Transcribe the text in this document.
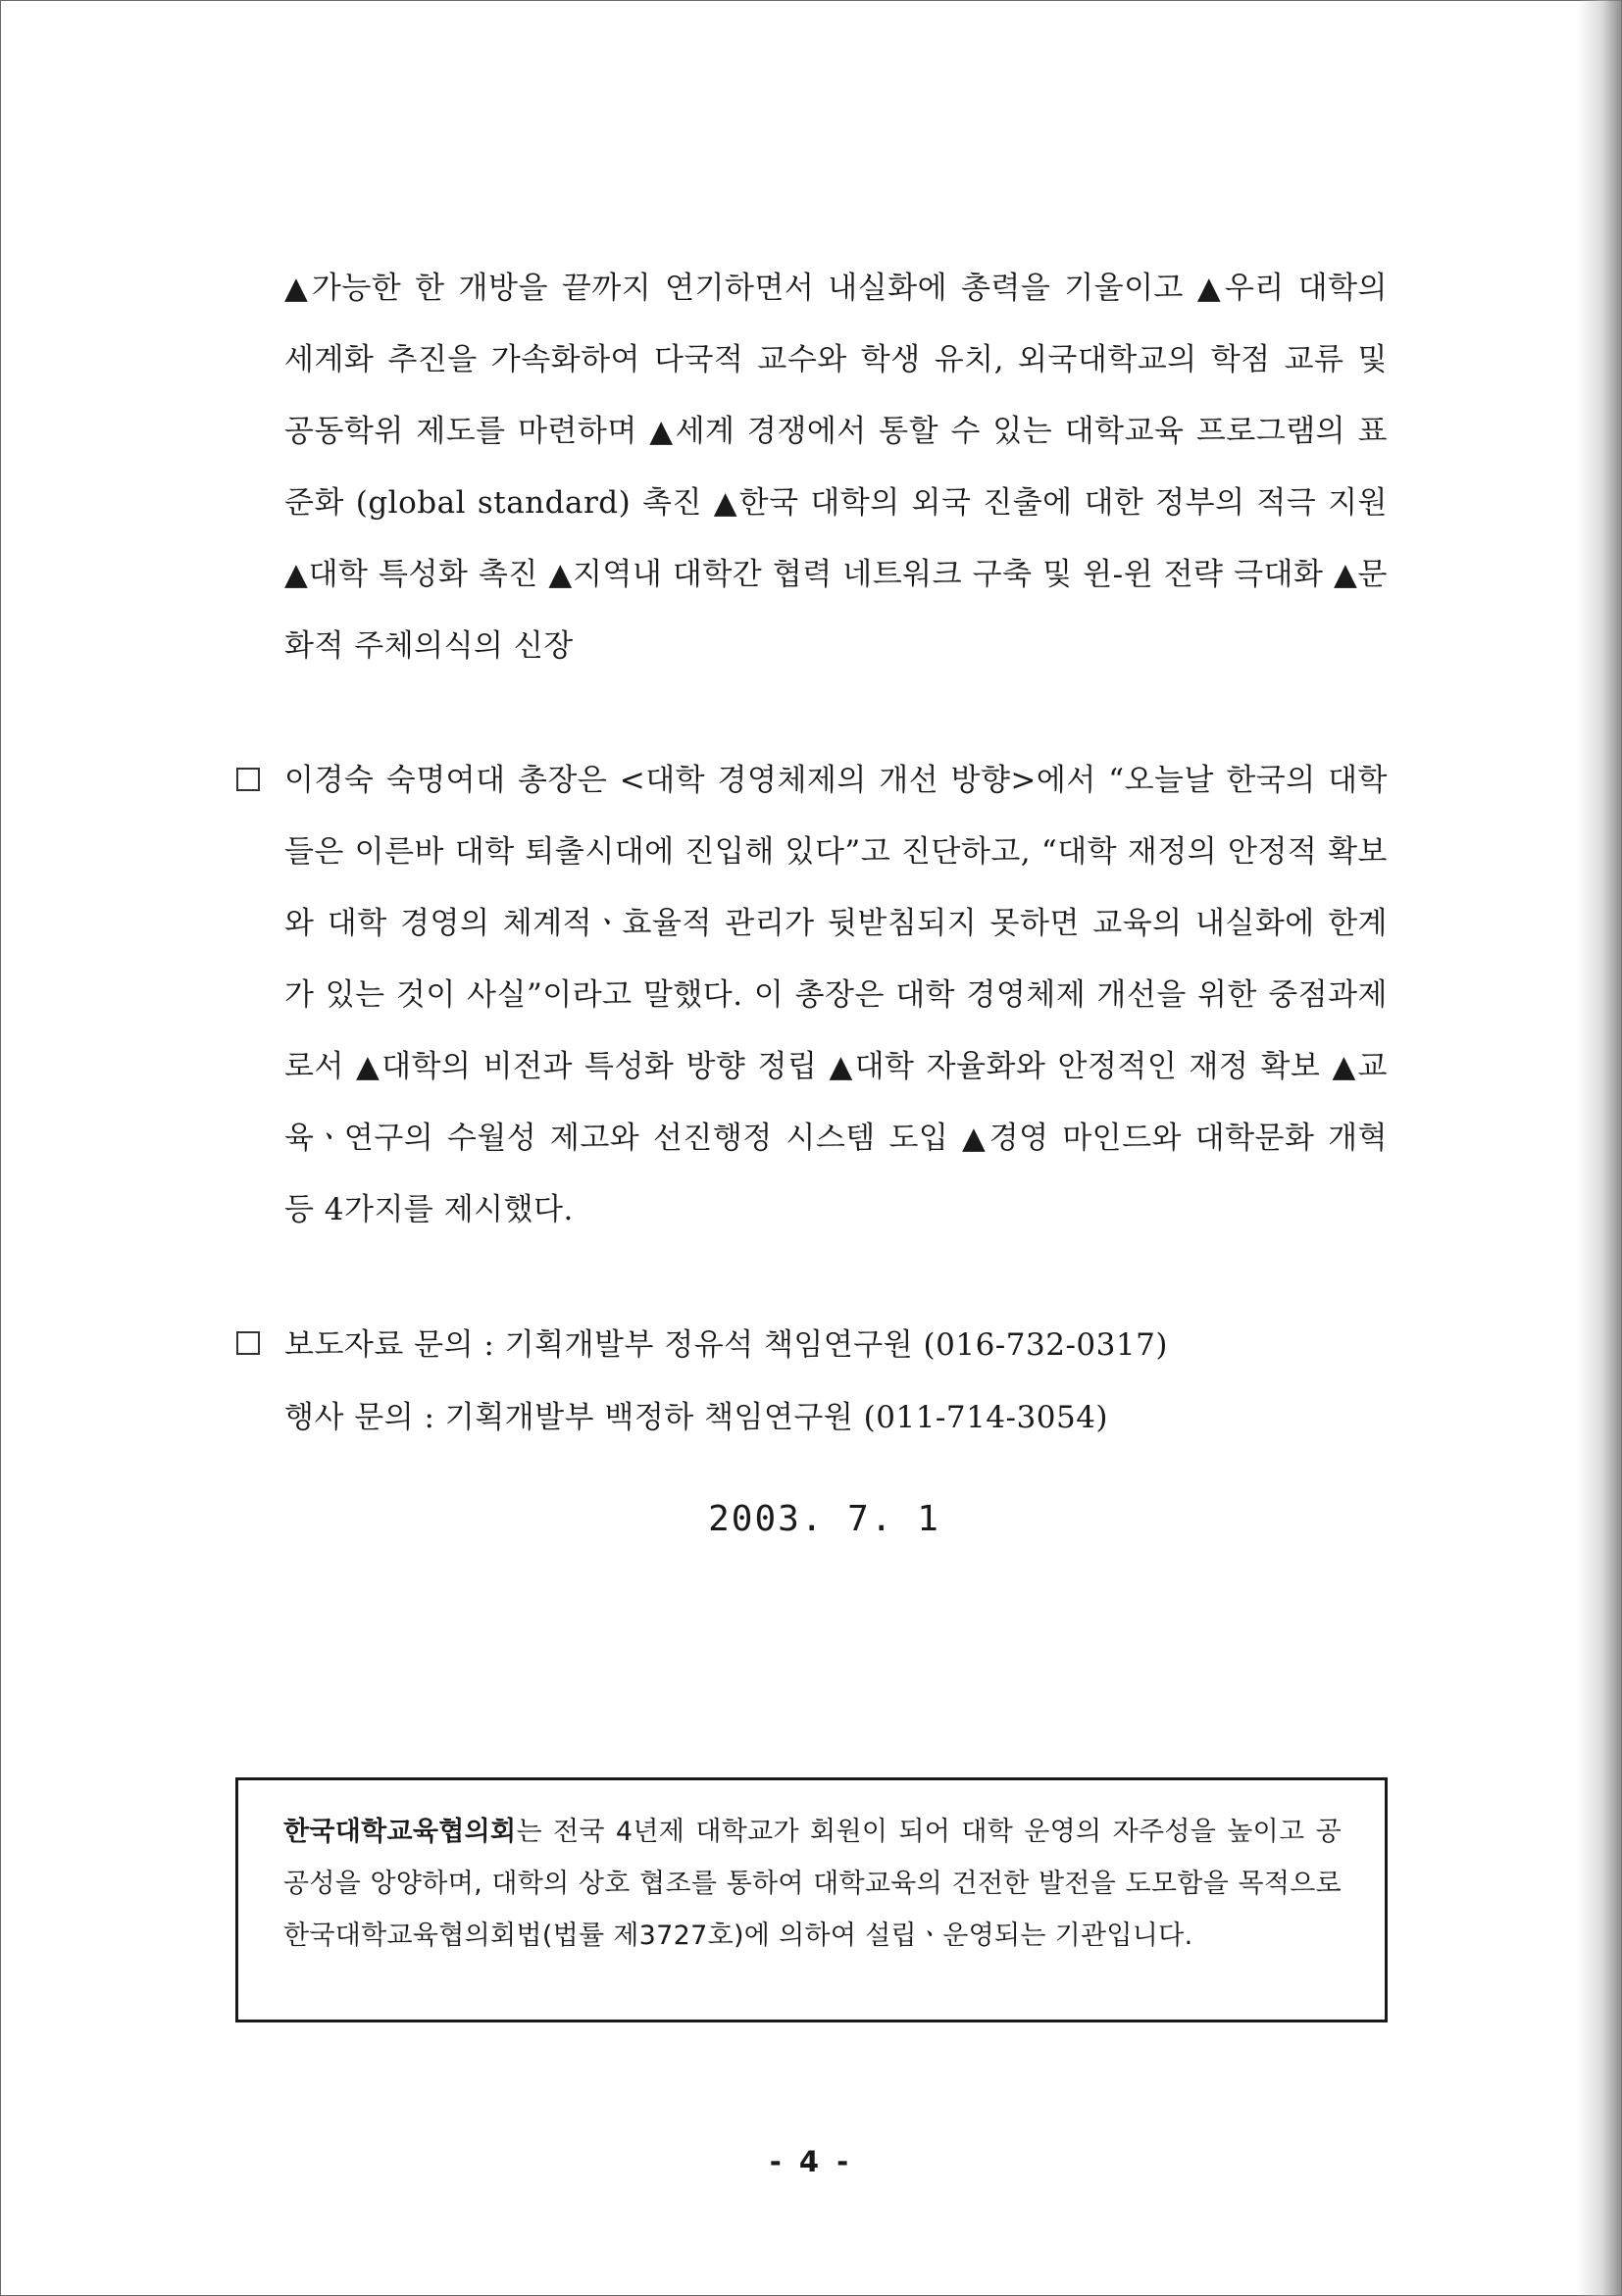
▲가능한 한 개방을 끝까지 연기하면서 내실화에 총력을 기울이고 ▲우리 대학의 세계화 추진을 가속화하여 다국적 교수와 학생 유치, 외국대학교의 학점 교류 및 공동학위 제도를 마련하며 ▲세계 경쟁에서 통할 수 있는 대학교육 프로그램의 표준화 (global standard) 촉진 ▲한국 대학의 외국 진출에 대한 정부의 적극 지원 ▲대학 특성화 촉진 ▲지역내 대학간 협력 네트워크 구축 및 윈-윈 전략 극대화 ▲문화적 주체의식의 신장
이경숙 숙명여대 총장은 <대학 경영체제의 개선 방향>에서 “오늘날 한국의 대학들은 이른바 대학 퇴출시대에 진입해 있다”고 진단하고, “대학 재정의 안정적 확보와 대학 경영의 체계적ㆍ효율적 관리가 뒷받침되지 못하면 교육의 내실화에 한계가 있는 것이 사실”이라고 말했다. 이 총장은 대학 경영체제 개선을 위한 중점과제로서 ▲대학의 비전과 특성화 방향 정립 ▲대학 자율화와 안정적인 재정 확보 ▲교육ㆍ연구의 수월성 제고와 선진행정 시스템 도입 ▲경영 마인드와 대학문화 개혁 등 4가지를 제시했다.
보도자료 문의 : 기획개발부 정유석 책임연구원 (016-732-0317)
행사 문의 : 기획개발부 백정하 책임연구원 (011-714-3054)
2003. 7. 1
한국대학교육협의회는 전국 4년제 대학교가 회원이 되어 대학 운영의 자주성을 높이고 공공성을 앙양하며, 대학의 상호 협조를 통하여 대학교육의 건전한 발전을 도모함을 목적으로 한국대학교육협의회법(법률 제3727호)에 의하여 설립ㆍ운영되는 기관입니다.
- 4 -
